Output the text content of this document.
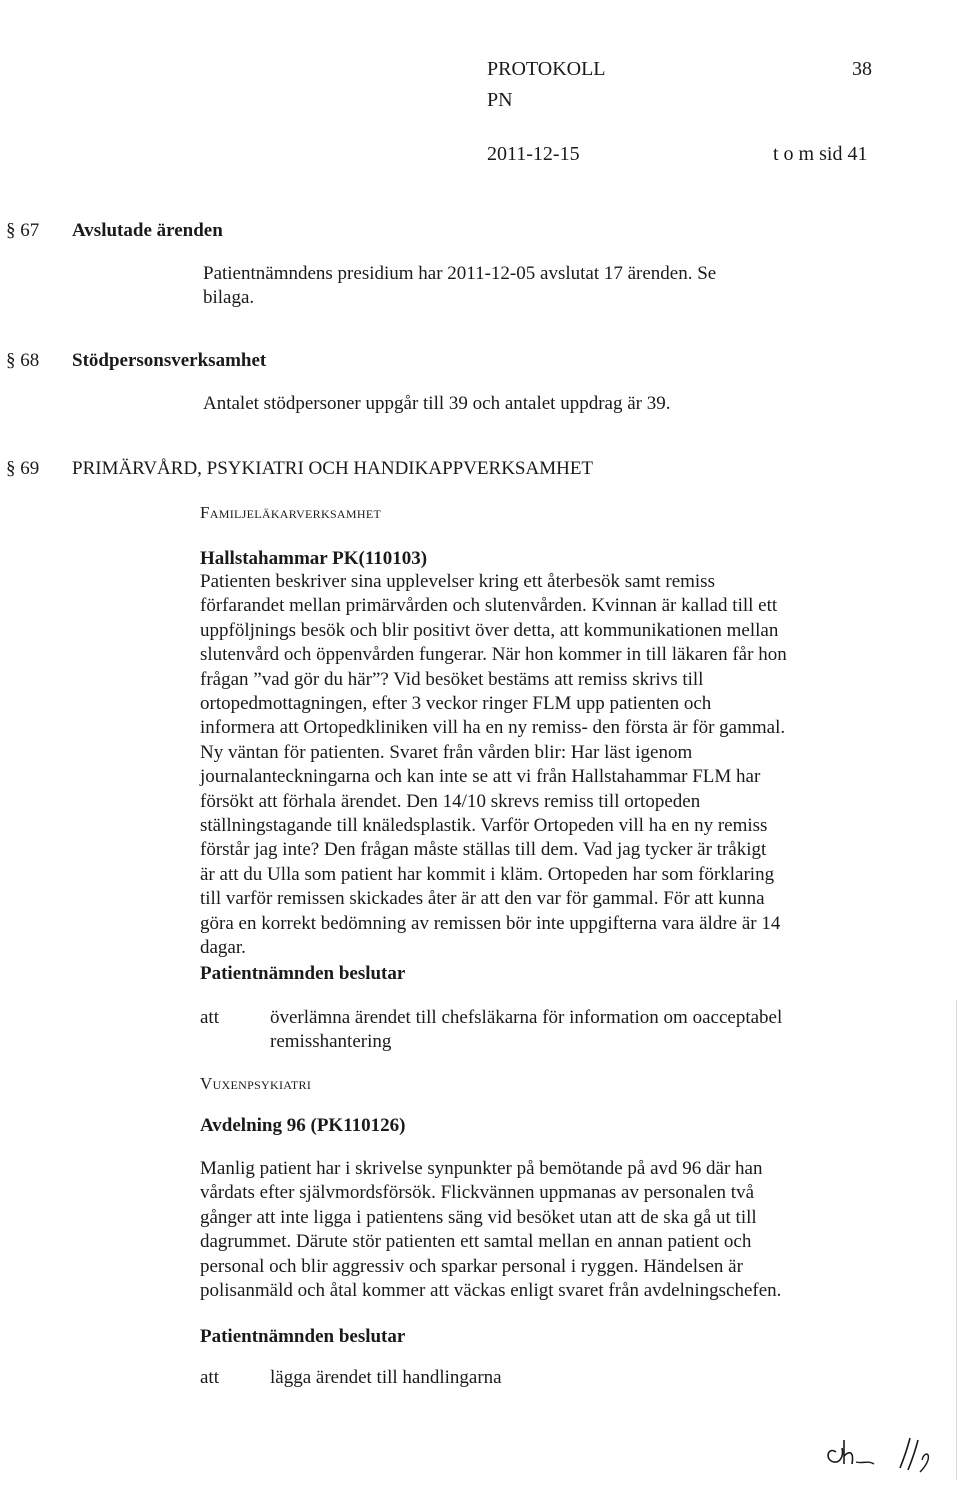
PROTOKOLL	38
PN
2011-12-15	t o m sid 41
§ 67 Avslutade ärenden
Patientnämndens presidium har 2011-12-05 avslutat 17 ärenden. Se
bilaga.
§ 68 Stödpersonsverksamhet
Antalet stödpersoner uppgår till 39 och antalet uppdrag är 39.
§ 69 PRIMÄRVÅRD, PSYKIATRI OCH HANDIKAPPVERKSAMHET
Familjeläkarverksamhet
Hallstahammar PK(110103)
Patienten beskriver sina upplevelser kring ett återbesök samt remiss
förfarandet mellan primärvården och slutenvården. Kvinnan är kallad till ett
uppföljnings besök och blir positivt över detta, att kommunikationen mellan
slutenvård och öppenvården fungerar. När hon kommer in till läkaren får hon
frågan ”vad gör du här”? Vid besöket bestäms att remiss skrivs till
ortopedmottagningen, efter 3 veckor ringer FLM upp patienten och
informera att Ortopedkliniken vill ha en ny remiss- den första är för gammal.
Ny väntan för patienten. Svaret från vården blir: Har läst igenom
journalanteckningarna och kan inte se att vi från Hallstahammar FLM har
försökt att förhala ärendet. Den 14/10 skrevs remiss till ortopeden
ställningstagande till knäledsplastik. Varför Ortopeden vill ha en ny remiss
förstår jag inte? Den frågan måste ställas till dem. Vad jag tycker är tråkigt
är att du Ulla som patient har kommit i kläm. Ortopeden har som förklaring
till varför remissen skickades åter är att den var för gammal. För att kunna
göra en korrekt bedömning av remissen bör inte uppgifterna vara äldre är 14
dagar.
Patientnämnden beslutar
att	överlämna ärendet till chefsläkarna för information om oacceptabel
remisshantering
Vuxenpsykiatri
Avdelning 96 (PK110126)
Manlig patient har i skrivelse synpunkter på bemötande på avd 96 där han
vårdats efter självmordsförsök. Flickvännen uppmanas av personalen två
gånger att inte ligga i patientens säng vid besöket utan att de ska gå ut till
dagrummet. Därute stör patienten ett samtal mellan en annan patient och
personal och blir aggressiv och sparkar personal i ryggen. Händelsen är
polisanmäld och åtal kommer att väckas enligt svaret från avdelningschefen.
Patientnämnden beslutar
att	lägga ärendet till handlingarna
